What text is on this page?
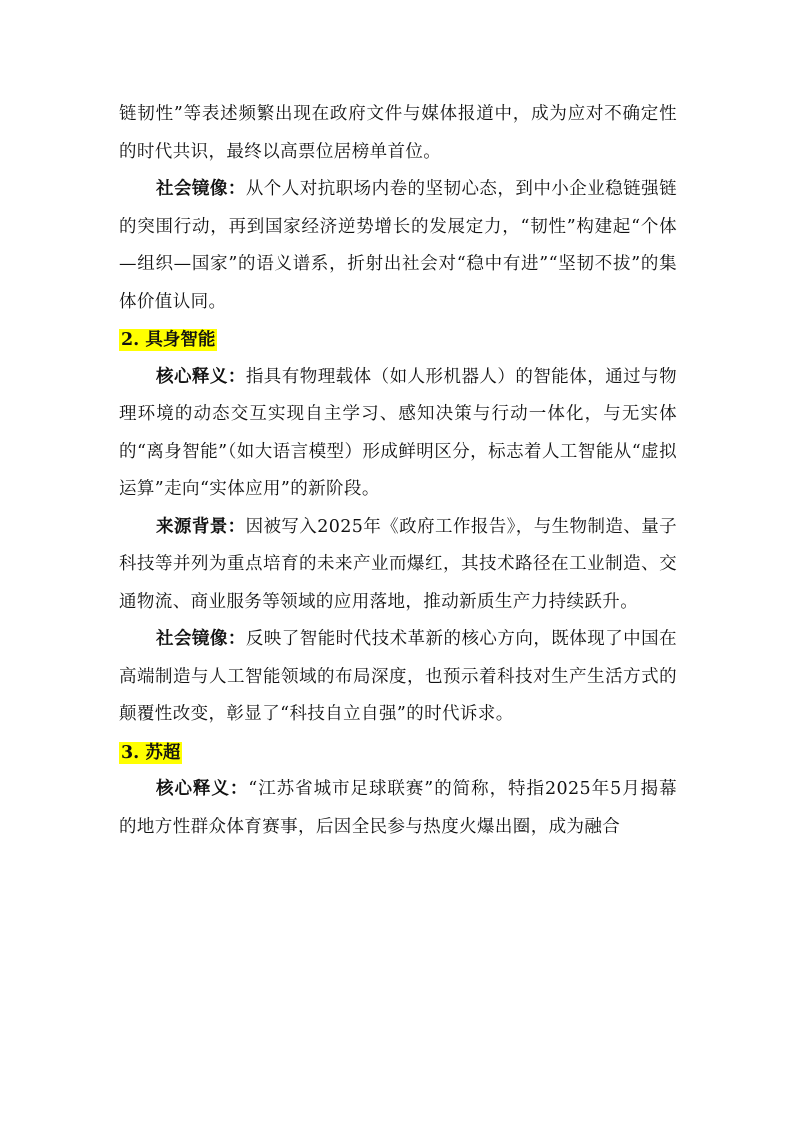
链韧性”等表述频繁出现在政府文件与媒体报道中，成为应对不确定性的时代共识，最终以高票位居榜单首位。

社会镜像：从个人对抗职场内卷的坚韧心态，到中小企业稳链强链的突围行动，再到国家经济逆势增长的发展定力，“韧性”构建起“个体—组织—国家”的语义谱系，折射出社会对“稳中有进”“坚韧不拔”的集体价值认同。

2. 具身智能

核心释义：指具有物理载体（如人形机器人）的智能体，通过与物理环境的动态交互实现自主学习、感知决策与行动一体化，与无实体的“离身智能”（如大语言模型）形成鲜明区分，标志着人工智能从“虚拟运算”走向“实体应用”的新阶段。

来源背景：因被写入2025年《政府工作报告》，与生物制造、量子科技等并列为重点培育的未来产业而爆红，其技术路径在工业制造、交通物流、商业服务等领域的应用落地，推动新质生产力持续跃升。

社会镜像：反映了智能时代技术革新的核心方向，既体现了中国在高端制造与人工智能领域的布局深度，也预示着科技对生产生活方式的颠覆性改变，彰显了“科技自立自强”的时代诉求。

3. 苏超

核心释义：“江苏省城市足球联赛”的简称，特指2025年5月揭幕的地方性群众体育赛事，后因全民参与热度火爆出圈，成为融合
